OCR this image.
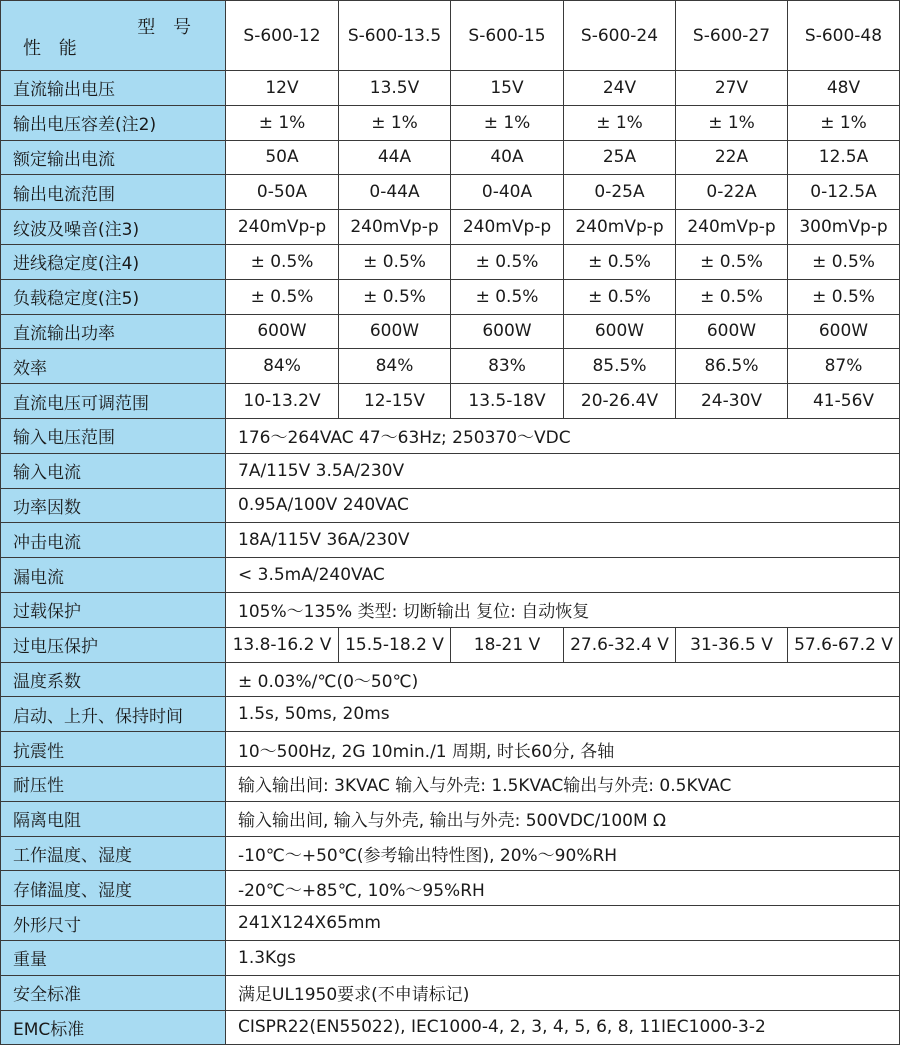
型 号
性 能	S-600-12	S-600-13.5	S-600-15	S-600-24	S-600-27	S-600-48
直流输出电压	12V	13.5V	15V	24V	27V	48V
输出电压容差(注2)	± 1%	± 1%	± 1%	± 1%	± 1%	± 1%
额定输出电流	50A	44A	40A	25A	22A	12.5A
输出电流范围	0-50A	0-44A	0-40A	0-25A	0-22A	0-12.5A
纹波及噪音(注3)	240mVp-p	240mVp-p	240mVp-p	240mVp-p	240mVp-p	300mVp-p
进线稳定度(注4)	± 0.5%	± 0.5%	± 0.5%	± 0.5%	± 0.5%	± 0.5%
负载稳定度(注5)	± 0.5%	± 0.5%	± 0.5%	± 0.5%	± 0.5%	± 0.5%
直流输出功率	600W	600W	600W	600W	600W	600W
效率	84%	84%	83%	85.5%	86.5%	87%
直流电压可调范围	10-13.2V	12-15V	13.5-18V	20-26.4V	24-30V	41-56V
输入电压范围	176～264VAC 47～63Hz; 250370～VDC					
输入电流	7A/115V 3.5A/230V					
功率因数	0.95A/100V 240VAC					
冲击电流	18A/115V 36A/230V					
漏电流	< 3.5mA/240VAC					
过载保护	105%～135% 类型: 切断输出 复位: 自动恢复					
过电压保护	13.8-16.2 V	15.5-18.2 V	18-21 V	27.6-32.4 V	31-36.5 V	57.6-67.2 V
温度系数	± 0.03%/℃(0～50℃)					
启动、上升、保持时间	1.5s, 50ms, 20ms					
抗震性	10～500Hz, 2G 10min./1 周期, 时长60分, 各轴					
耐压性	输入输出间: 3KVAC 输入与外壳: 1.5KVAC输出与外壳: 0.5KVAC					
隔离电阻	输入输出间, 输入与外壳, 输出与外壳: 500VDC/100M Ω					
工作温度、湿度	-10℃～+50℃(参考输出特性图), 20%～90%RH					
存储温度、湿度	-20℃～+85℃, 10%～95%RH					
外形尺寸	241X124X65mm					
重量	1.3Kgs					
安全标准	满足UL1950要求(不申请标记)					
EMC标准	CISPR22(EN55022), IEC1000-4, 2, 3, 4, 5, 6, 8, 11IEC1000-3-2					
